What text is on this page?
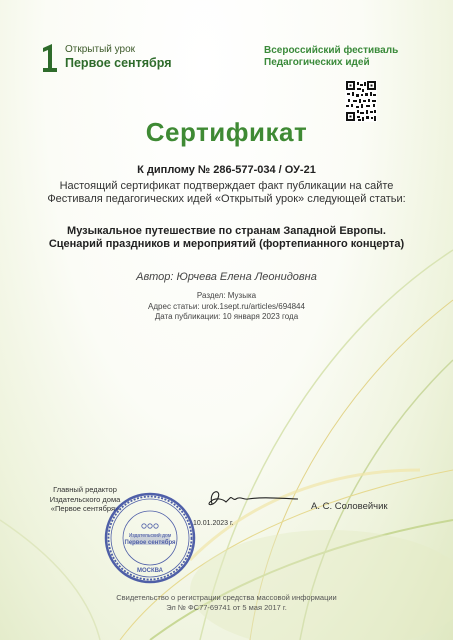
Открытый урок
Первое сентября
Всероссийский фестиваль
Педагогических идей
Сертификат
К диплому № 286-577-034 / ОУ-21
Настоящий сертификат подтверждает факт публикации на сайте Фестиваля педагогических идей «Открытый урок» следующей статьи:
Музыкальное путешествие по странам Западной Европы. Сценарий праздников и мероприятий (фортепианного концерта)
Автор: Юрчева Елена Леонидовна
Раздел: Музыка
Адрес статьи: urok.1sept.ru/articles/694844
Дата публикации: 10 января 2023 года
Главный редактор
Издательского дома
«Первое сентября»
Издательский дом
Первое сентября
МОСКВА
10.01.2023 г.
А. С. Соловейчик
Свидетельство о регистрации средства массовой информации
Эл № ФС77-69741 от 5 мая 2017 г.
